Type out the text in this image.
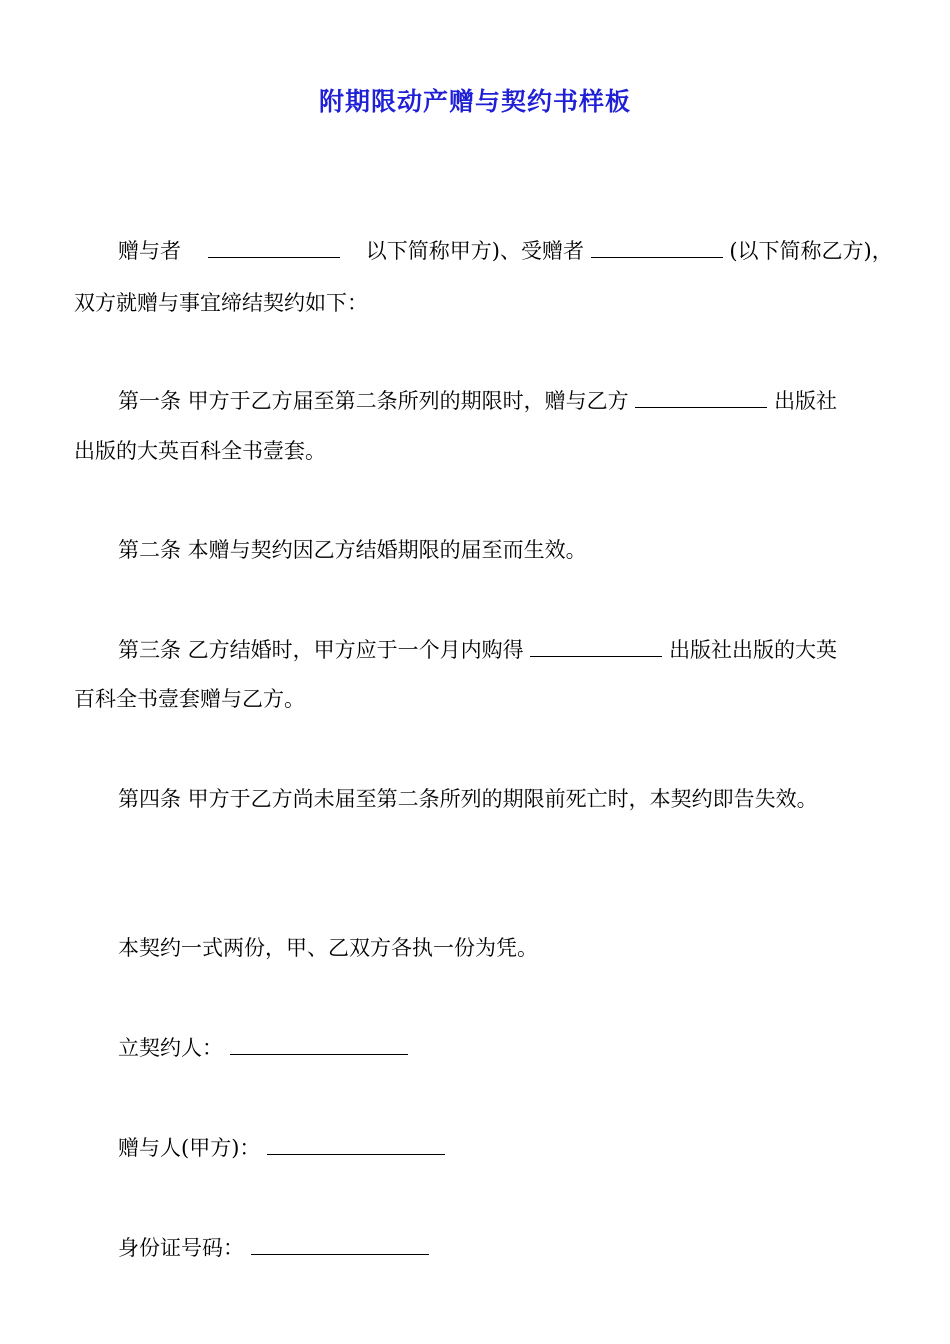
附期限动产赠与契约书样板
赠与者	以下简称甲方)、受赠者	(以下简称乙方)，
双方就赠与事宜缔结契约如下：
第一条 甲方于乙方届至第二条所列的期限时，赠与乙方	出版社
出版的大英百科全书壹套。
第二条 本赠与契约因乙方结婚期限的届至而生效。
第三条 乙方结婚时，甲方应于一个月内购得	出版社出版的大英
百科全书壹套赠与乙方。
第四条 甲方于乙方尚未届至第二条所列的期限前死亡时，本契约即告失效。
本契约一式两份，甲、乙双方各执一份为凭。
立契约人：
赠与人(甲方)：
身份证号码：
